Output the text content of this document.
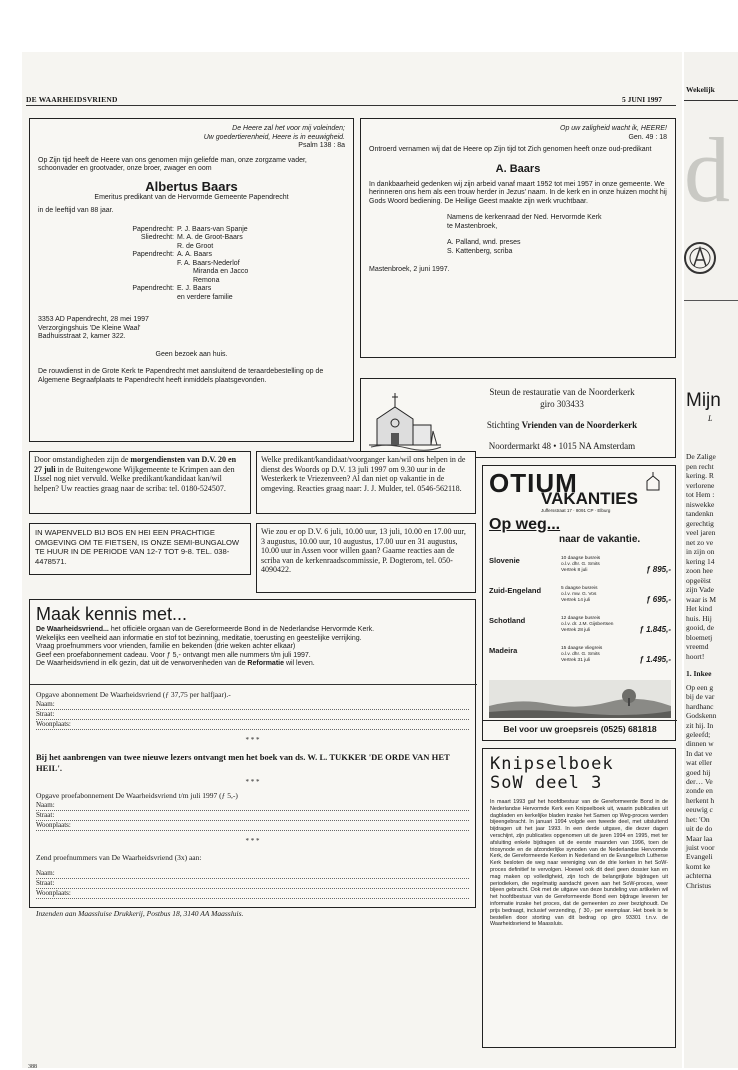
DE WAARHEIDSVRIEND	5 JUNI 1997
De Heere zal het voor mij voleinden;
Uw goedertierenheid, Heere is in eeuwigheid.
Psalm 138 : 8a
Op Zijn tijd heeft de Heere van ons genomen mijn geliefde man, onze zorgzame vader, schoonvader en grootvader, onze broer, zwager en oom
Albertus Baars
Emeritus predikant van de Hervormde Gemeente Papendrecht
in de leeftijd van 88 jaar.
Papendrecht: P. J. Baars-van Spanje
Sliedrecht: M. A. de Groot-Baars
R. de Groot
Papendrecht: A. A. Baars
F. A. Baars-Nederlof
Miranda en Jacco
Remona
Papendrecht: E. J. Baars
en verdere familie
3353 AD Papendrecht, 28 mei 1997
Verzorgingshuis 'De Kleine Waal'
Badhuisstraat 2, kamer 322.
Geen bezoek aan huis.
De rouwdienst in de Grote Kerk te Papendrecht met aansluitend de teraardebestelling op de Algemene Begraafplaats te Papendrecht heeft inmiddels plaatsgevonden.
Op uw zaligheid wacht ik, HEERE!
Gen. 49 : 18
Ontroerd vernamen wij dat de Heere op Zijn tijd tot Zich genomen heeft onze oud-predikant
A. Baars
In dankbaarheid gedenken wij zijn arbeid vanaf maart 1952 tot mei 1957 in onze gemeente. We herinneren ons hem als een trouw herder in Jezus' naam. In de kerk en in onze huizen mocht hij Gods Woord bediening. De Heilige Geest maakte zijn werk vruchtbaar.
Namens de kerkenraad der Ned. Hervormde Kerk
te Mastenbroek,
A. Palland, wnd. preses
S. Kattenberg, scriba
Mastenbroek, 2 juni 1997.
Steun de restauratie van de Noorderkerk
giro 303433
Stichting Vrienden van de Noorderkerk
Noordermarkt 48 • 1015 NA Amsterdam
Door omstandigheden zijn de morgendiensten van D.V. 20 en 27 juli in de Buitengewone Wijkgemeente te Krimpen aan den IJssel nog niet vervuld. Welke predikant/kandidaat kan/wil helpen? Uw reacties graag naar de scriba: tel. 0180-524507.
Welke predikant/kandidaat/voorganger kan/wil ons helpen in de dienst des Woords op D.V. 13 juli 1997 om 9.30 uur in de Westerkerk te Vriezenveen? Al dan niet op vakantie in de omgeving. Reacties graag naar: J. J. Mulder, tel. 0546-562118.
IN WAPENVELD BIJ BOS EN HEI EEN PRACHTIGE OMGEVING OM TE FIETSEN, IS ONZE SEMI-BUNGALOW TE HUUR IN DE PERIODE VAN 12-7 TOT 9-8. TEL. 038-4478571.
Wie zou er op D.V. 6 juli, 10.00 uur, 13 juli, 10.00 en 17.00 uur, 3 augustus, 10.00 uur, 10 augustus, 17.00 uur en 31 augustus, 10.00 uur in Assen voor willen gaan? Gaarne reacties aan de scriba van de kerkenraadscommissie, P. Dogterom, tel. 050-4090422.
Maak kennis met...
De Waarheidsvriend... het officiële orgaan van de Gereformeerde Bond in de Nederlandse Hervormde Kerk.
Wekelijks een veelheid aan informatie en stof tot bezinning, meditatie, toerusting en geestelijke verrijking.
Vraag proefnummers voor vrienden, familie en bekenden (drie weken achter elkaar)
Geef een proefabonnement cadeau. Voor ƒ 5,- ontvangt men alle nummers t/m juli 1997.
De Waarheidsvriend in elk gezin, dat uit de verworvenheden van de Reformatie wil leven.
Opgave abonnement De Waarheidsvriend (ƒ 37,75 per halfjaar).-
Naam:
Straat:
Woonplaats:
* * *
Bij het aanbrengen van twee nieuwe lezers ontvangt men het boek van ds. W. L. TUKKER 'DE ORDE VAN HET HEIL'.
* * *
Opgave proefabonnement De Waarheidsvriend t/m juli 1997 (ƒ 5,-)
Naam:
Straat:
Woonplaats:
* * *
Zend proefnummers van De Waarheidsvriend (3x) aan:
Naam:
Straat:
Woonplaats:
Inzenden aan Maassluise Drukkerij, Postbus 18, 3140 AA Maassluis.
OTIUM
VAKANTIES
Juffersstraat 17 · 8091 CP · Elburg
Op weg...
naar de vakantie.
Slovenie	10 daagse busreis
o.l.v. dhr. G. Smits
Vertrek 8 juli	ƒ 895,-
Zuid-Engeland	5 daagse busreis
o.l.v. mw. G. Vos
Vertrek 14 juli	ƒ 695,-
Schotland	12 daagse busreis
o.l.v. dr. J.M. Gijsbertsen
Vertrek 28 juli	ƒ 1.845,-
Madeira	15 daagse vliegreis
o.l.v. dhr. G. Smits
Vertrek 31 juli	ƒ 1.495,-
Bel voor uw groepsreis (0525) 681818
Knipselboek
SoW deel 3
In maart 1993 gaf het hoofdbestuur van de Gereformeerde Bond in de Nederlandse Hervormde Kerk een Knipselboek uit, waarin publicaties uit dagbladen en kerkelijke bladen inzake het Samen op Weg-proces werden bijeengebracht. In januari 1994 volgde een tweede deel, met uitsluitend bijdragen uit het jaar 1993. In een derde uitgave, die dezer dagen verschijnt, zijn publicaties opgenomen uit de jaren 1994 en 1995, met ter afsluiting enkele bijdragen uit de eerste maanden van 1996, toen de triosynode en de afzonderlijke synoden van de Nederlandse Hervormde Kerk, de Gereformeerde Kerken in Nederland en de Evangelisch Lutherse Kerk besloten de weg naar vereniging van de drie kerken in het SoW-proces definitief te vervolgen. Hoewel ook dit deel geen dossier kan en mag maken op volledigheid, zijn toch de belangrijkste bijdragen uit periodieken, die regelmatig aandacht geven aan het SoW-proces, weer bijeen gebracht. Ook met de uitgave van deze bundeling van artikelen wil het hoofdbestuur van de Gereformeerde Bond een bijdrage leveren ter informatie inzake het proces, dat de gemeenten zo zeer bezighoudt. De prijs bedraagt, inclusief verzending, ƒ 30,- per exemplaar. Het boek is te bestellen door storting van dit bedrag op giro 93301 t.n.v. de Waarheidsvriend te Maassluis.
388
Wekelijk
d
Mijn
L
De Zalige
pen recht
kering. R
verlorene
tot Hem :
niswekke
tandenkn
gerechtig
veel jaren
net zo ve
in zijn on
kering 14
zoon hee
opgeëist
zijn Vade
waar is M
Het kind
huis. Hij
gooid, de
bloemetj
vreemd
hoort!
1. Inkee
Op een g
bij de var
hardhanc
Godskenn
zit hij. In
geleefd;
dinnen w
In dat ve
wat eller
goed hij
der… Ve
zonde en
herkent h
eeuwig c
het: 'On
uit de do
Maar laa
juist voor
Evangeli
komt ke
achterna
Christus
